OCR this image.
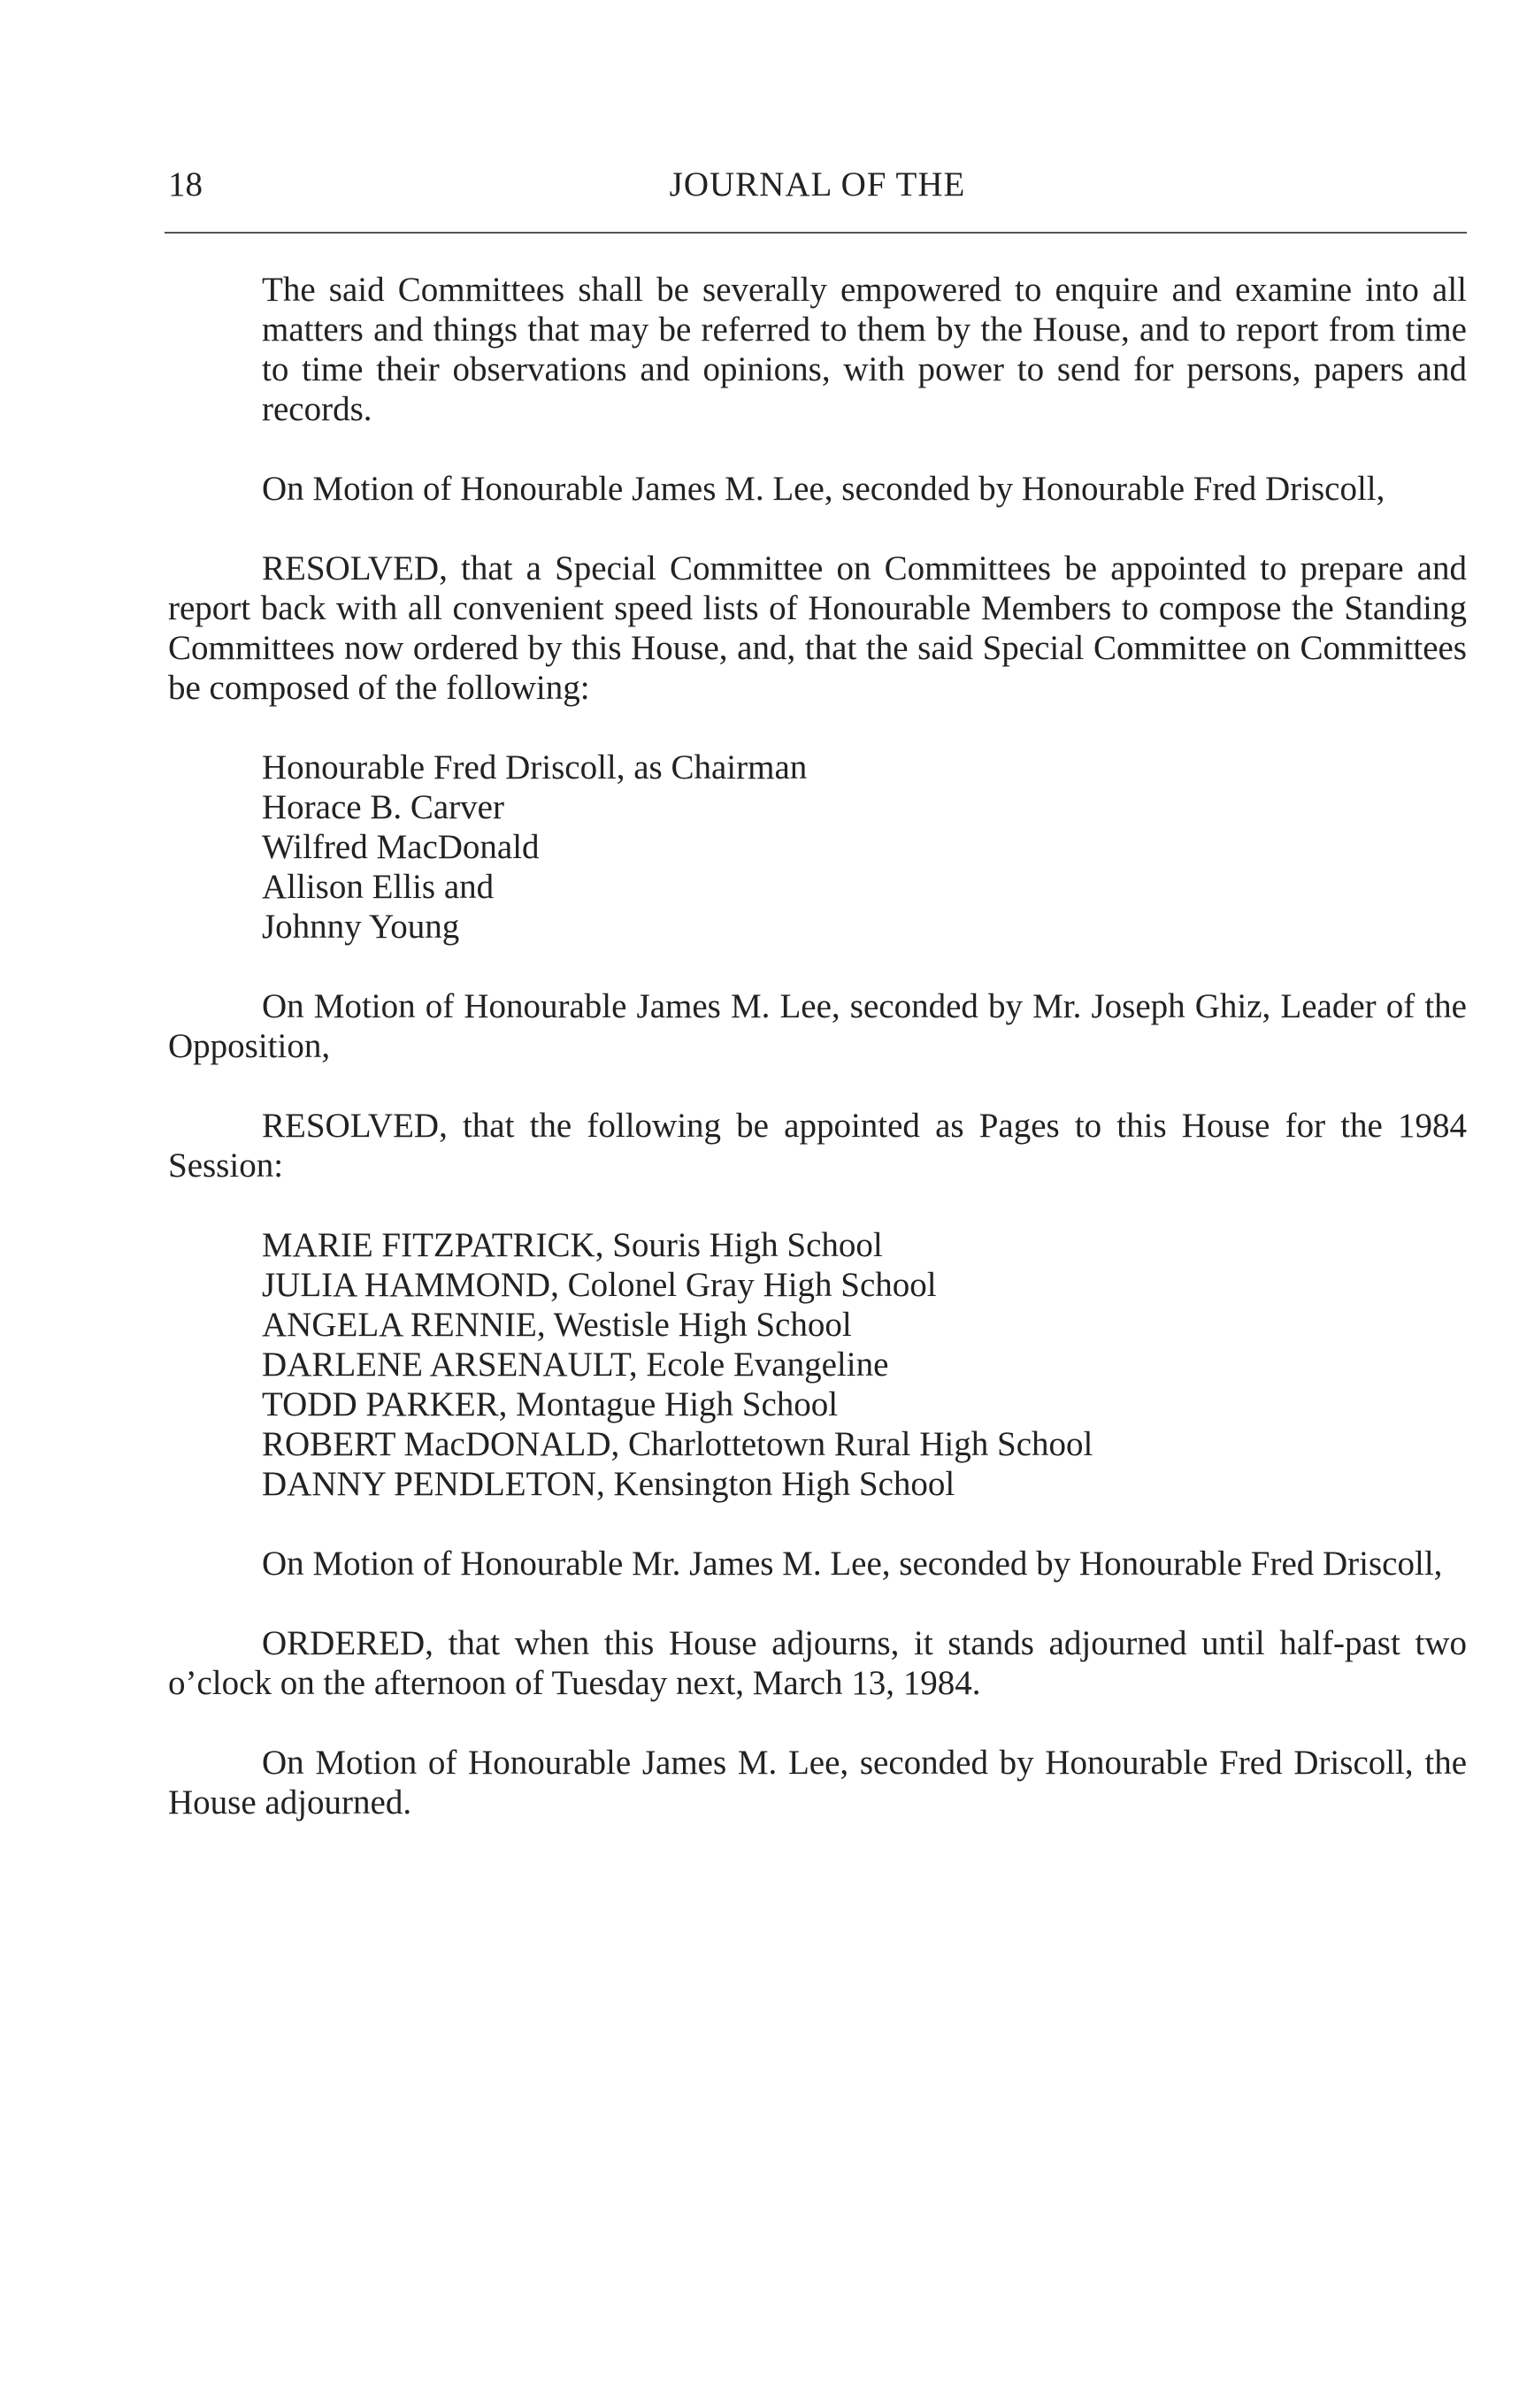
18	JOURNAL OF THE

The said Committees shall be severally empowered to enquire and examine into all matters and things that may be referred to them by the House, and to report from time to time their observations and opinions, with power to send for persons, papers and records.

On Motion of Honourable James M. Lee, seconded by Honourable Fred Driscoll,

RESOLVED, that a Special Committee on Committees be appointed to prepare and report back with all convenient speed lists of Honourable Members to compose the Standing Committees now ordered by this House, and, that the said Special Committee on Committees be composed of the following:

Honourable Fred Driscoll, as Chairman
Horace B. Carver
Wilfred MacDonald
Allison Ellis and
Johnny Young

On Motion of Honourable James M. Lee, seconded by Mr. Joseph Ghiz, Leader of the Opposition,

RESOLVED, that the following be appointed as Pages to this House for the 1984 Session:

MARIE FITZPATRICK, Souris High School
JULIA HAMMOND, Colonel Gray High School
ANGELA RENNIE, Westisle High School
DARLENE ARSENAULT, Ecole Evangeline
TODD PARKER, Montague High School
ROBERT MacDONALD, Charlottetown Rural High School
DANNY PENDLETON, Kensington High School

On Motion of Honourable Mr. James M. Lee, seconded by Honourable Fred Driscoll,

ORDERED, that when this House adjourns, it stands adjourned until half-past two o’clock on the afternoon of Tuesday next, March 13, 1984.

On Motion of Honourable James M. Lee, seconded by Honourable Fred Driscoll, the House adjourned.
